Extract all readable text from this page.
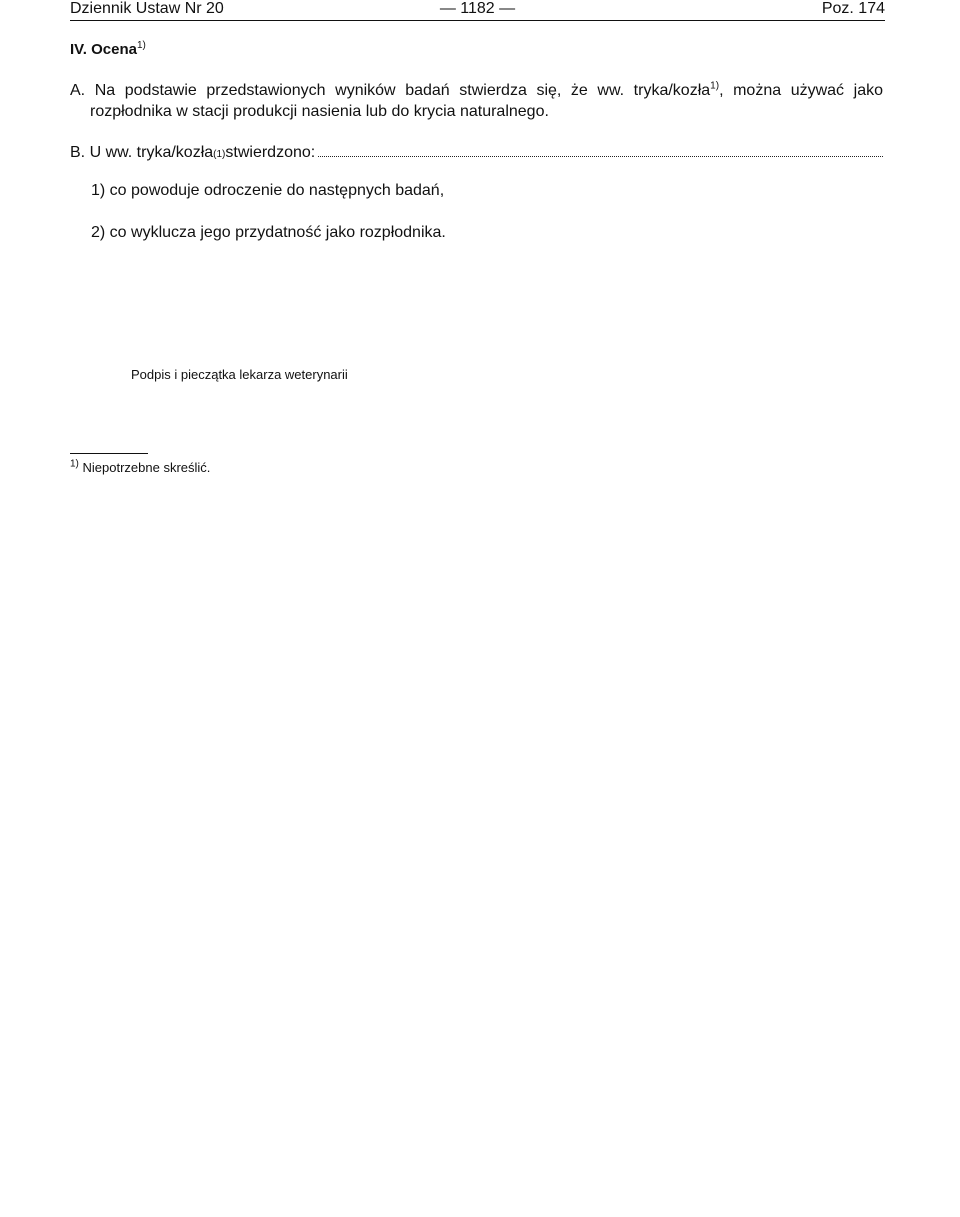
Dziennik Ustaw Nr 20	— 1182 —	Poz. 174
IV. Ocena$^{1)}$
A. Na podstawie przedstawionych wyników badań stwierdza się, że ww. tryka/kozła$^{1)}$, można używać jako rozpłodnika w stacji produkcji nasienia lub do krycia naturalnego.
B. U ww. tryka/kozła (1) stwierdzono:
1) co powoduje odroczenie do następnych badań,
2) co wyklucza jego przydatność jako rozpłodnika.
Podpis i pieczątka lekarza weterynarii
$^{1)}$ Niepotrzebne skreślić.
